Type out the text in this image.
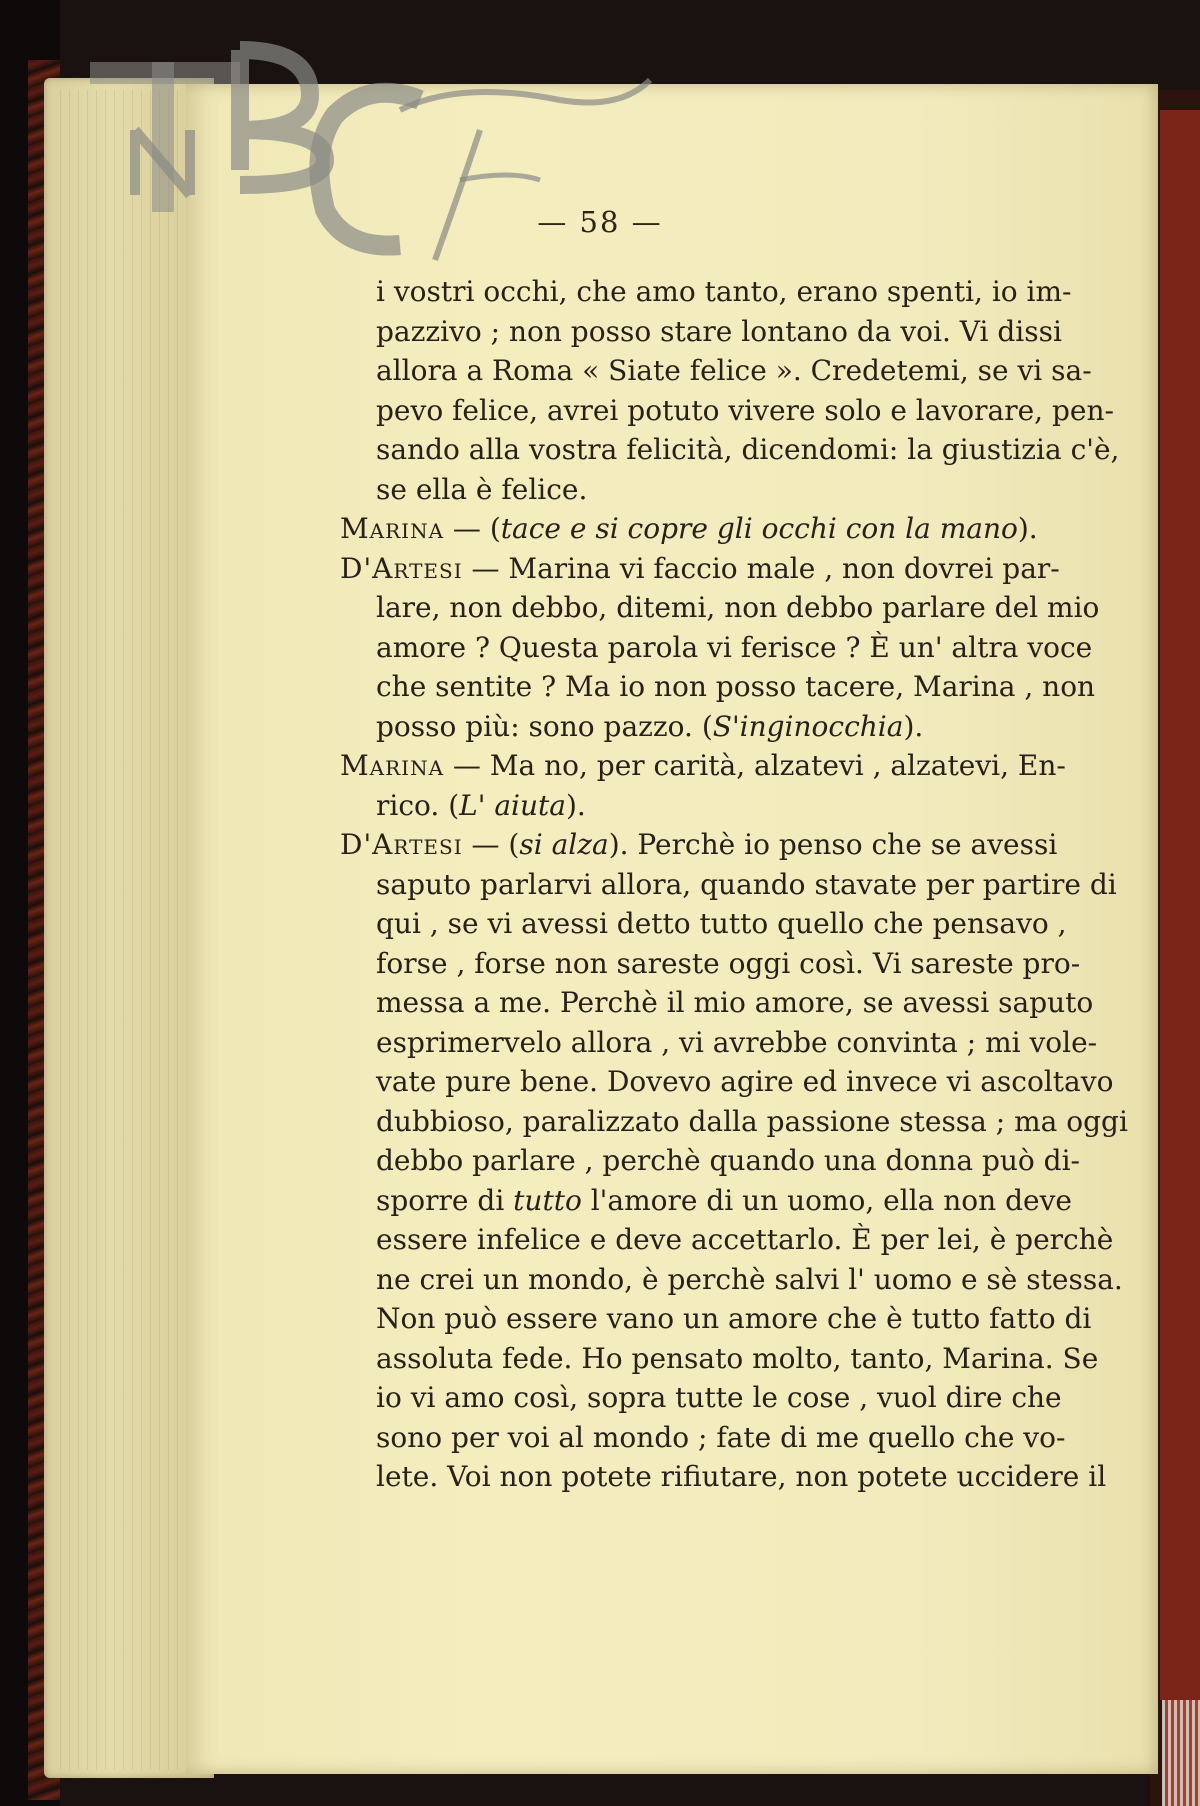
— 58 —
i vostri occhi, che amo tanto, erano spenti, io im-
pazzivo ; non posso stare lontano da voi. Vi dissi
allora a Roma « Siate felice ». Credetemi, se vi sa-
pevo felice, avrei potuto vivere solo e lavorare, pen-
sando alla vostra felicità, dicendomi: la giustizia c'è,
se ella è felice.
Marina — (tace e si copre gli occhi con la mano).
D'Artesi — Marina vi faccio male , non dovrei par-
lare, non debbo, ditemi, non debbo parlare del mio
amore ? Questa parola vi ferisce ? È un' altra voce
che sentite ? Ma io non posso tacere, Marina , non
posso più: sono pazzo. (S'inginocchia).
Marina — Ma no, per carità, alzatevi , alzatevi, En-
rico. (L' aiuta).
D'Artesi — (si alza). Perchè io penso che se avessi
saputo parlarvi allora, quando stavate per partire di
qui , se vi avessi detto tutto quello che pensavo ,
forse , forse non sareste oggi così. Vi sareste pro-
messa a me. Perchè il mio amore, se avessi saputo
esprimervelo allora , vi avrebbe convinta ; mi vole-
vate pure bene. Dovevo agire ed invece vi ascoltavo
dubbioso, paralizzato dalla passione stessa ; ma oggi
debbo parlare , perchè quando una donna può di-
sporre di tutto l'amore di un uomo, ella non deve
essere infelice e deve accettarlo. È per lei, è perchè
ne crei un mondo, è perchè salvi l' uomo e sè stessa.
Non può essere vano un amore che è tutto fatto di
assoluta fede. Ho pensato molto, tanto, Marina. Se
io vi amo così, sopra tutte le cose , vuol dire che
sono per voi al mondo ; fate di me quello che vo-
lete. Voi non potete rifiutare, non potete uccidere il
